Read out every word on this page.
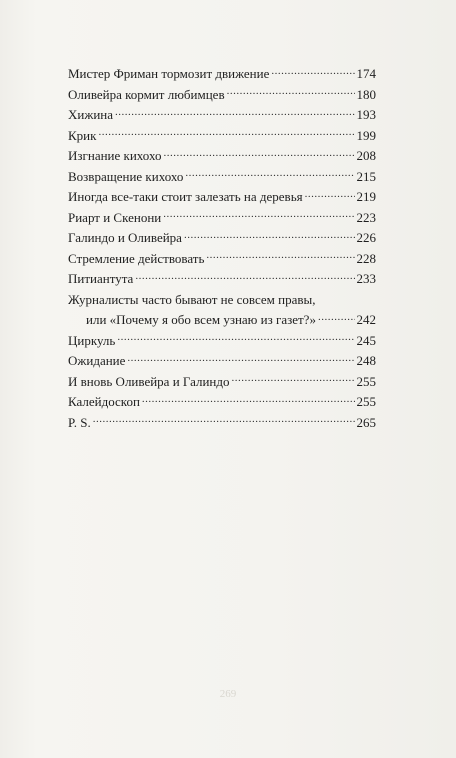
Мистер Фриман тормозит движение .....	174
Оливейра кормит любимцев .....	180
Хижина .....	193
Крик .....	199
Изгнание кихохо .....	208
Возвращение кихохо .....	215
Иногда все-таки стоит залезать на деревья .....	219
Риарт и Скенони .....	223
Галиндо и Оливейра .....	226
Стремление действовать .....	228
Питиантута .....	233
Журналисты часто бывают не совсем правы,
или «Почему я обо всем узнаю из газет?» .....	242
Циркуль .....	245
Ожидание .....	248
И вновь Оливейра и Галиндо .....	255
Калейдоскоп .....	255
P. S. .....	265
269
